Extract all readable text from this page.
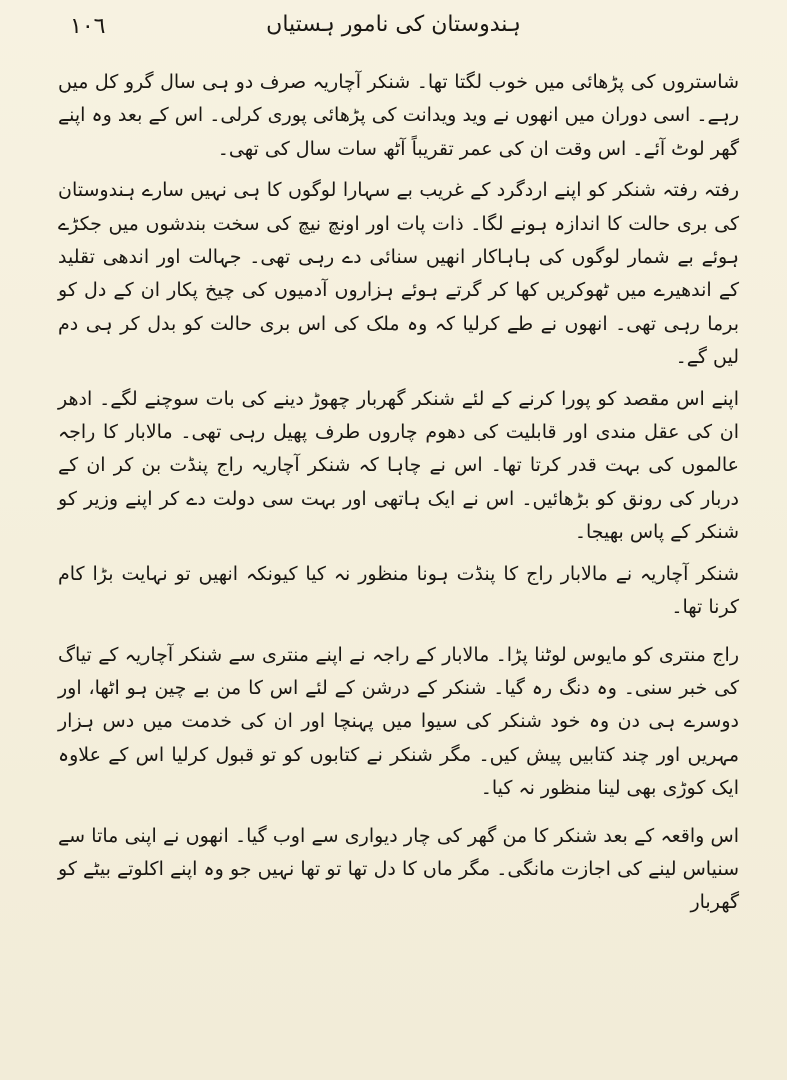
١٠٦	ہندوستان کی نامور ہستیاں

شاستروں کی پڑھائی میں خوب لگتا تھا۔ شنکر آچاریہ صرف دو ہی سال گرو کل میں رہے۔ اسی دوران میں انھوں نے وید ویدانت کی پڑھائی پوری کرلی۔ اس کے بعد وہ اپنے گھر لوٹ آئے۔ اس وقت ان کی عمر تقریباً آٹھ سات سال کی تھی۔

رفتہ رفتہ شنکر کو اپنے اردگرد کے غریب بے سہارا لوگوں کا ہی نہیں سارے ہندوستان کی بری حالت کا اندازہ ہونے لگا۔ ذات پات اور اونچ نیچ کی سخت بندشوں میں جکڑے ہوئے بے شمار لوگوں کی ہاہاکار انھیں سنائی دے رہی تھی۔ جہالت اور اندھی تقلید کے اندھیرے میں ٹھوکریں کھا کر گرتے ہوئے ہزاروں آدمیوں کی چیخ پکار ان کے دل کو برما رہی تھی۔ انھوں نے طے کرلیا کہ وہ ملک کی اس بری حالت کو بدل کر ہی دم لیں گے۔

اپنے اس مقصد کو پورا کرنے کے لئے شنکر گھربار چھوڑ دینے کی بات سوچنے لگے۔ ادھر ان کی عقل مندی اور قابلیت کی دھوم چاروں طرف پھیل رہی تھی۔ مالابار کا راجہ عالموں کی بہت قدر کرتا تھا۔ اس نے چاہا کہ شنکر آچاریہ راج پنڈت بن کر ان کے دربار کی رونق کو بڑھائیں۔ اس نے ایک ہاتھی اور بہت سی دولت دے کر اپنے وزیر کو شنکر کے پاس بھیجا۔

شنکر آچاریہ نے مالابار راج کا پنڈت ہونا منظور نہ کیا کیونکہ انھیں تو نہایت بڑا کام کرنا تھا۔

راج منتری کو مایوس لوٹنا پڑا۔ مالابار کے راجہ نے اپنے منتری سے شنکر آچاریہ کے تیاگ کی خبر سنی۔ وہ دنگ رہ گیا۔ شنکر کے درشن کے لئے اس کا من بے چین ہو اٹھا، اور دوسرے ہی دن وہ خود شنکر کی سیوا میں پہنچا اور ان کی خدمت میں دس ہزار مہریں اور چند کتابیں پیش کیں۔ مگر شنکر نے کتابوں کو تو قبول کرلیا اس کے علاوہ ایک کوڑی بھی لینا منظور نہ کیا۔

اس واقعہ کے بعد شنکر کا من گھر کی چار دیواری سے اوب گیا۔ انھوں نے اپنی ماتا سے سنیاس لینے کی اجازت مانگی۔ مگر ماں کا دل تھا تو تھا نہیں جو وہ اپنے اکلوتے بیٹے کو گھربار
